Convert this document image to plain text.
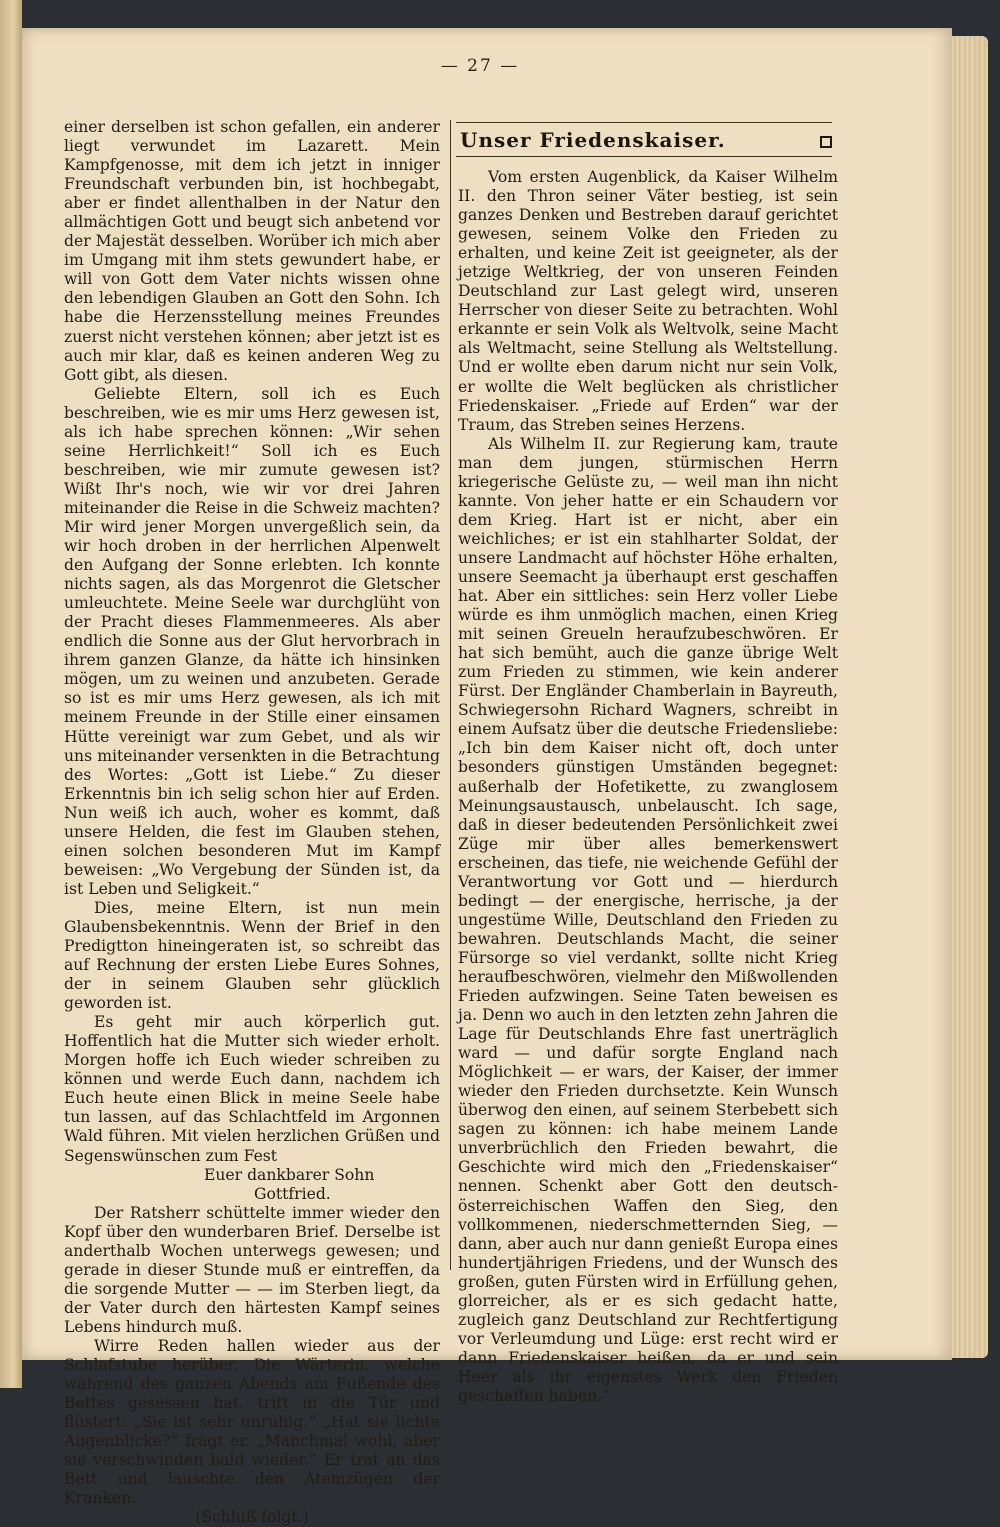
— 27 —

einer derselben ist schon gefallen, ein anderer liegt verwundet im Lazarett. Mein Kampfgenosse, mit dem ich jetzt in inniger Freundschaft verbunden bin, ist hochbegabt, aber er findet allenthalben in der Natur den allmächtigen Gott und beugt sich anbetend vor der Majestät desselben. Worüber ich mich aber im Umgang mit ihm stets gewundert habe, er will von Gott dem Vater nichts wissen ohne den lebendigen Glauben an Gott den Sohn. Ich habe die Herzensstellung meines Freundes zuerst nicht verstehen können; aber jetzt ist es auch mir klar, daß es keinen anderen Weg zu Gott gibt, als diesen.

Geliebte Eltern, soll ich es Euch beschreiben, wie es mir ums Herz gewesen ist, als ich habe sprechen können: „Wir sehen seine Herrlichkeit!“ Soll ich es Euch beschreiben, wie mir zumute gewesen ist? Wißt Ihr's noch, wie wir vor drei Jahren miteinander die Reise in die Schweiz machten? Mir wird jener Morgen unvergeßlich sein, da wir hoch droben in der herrlichen Alpenwelt den Aufgang der Sonne erlebten. Ich konnte nichts sagen, als das Morgenrot die Gletscher umleuchtete. Meine Seele war durchglüht von der Pracht dieses Flammenmeeres. Als aber endlich die Sonne aus der Glut hervorbrach in ihrem ganzen Glanze, da hätte ich hinsinken mögen, um zu weinen und anzubeten. Gerade so ist es mir ums Herz gewesen, als ich mit meinem Freunde in der Stille einer einsamen Hütte vereinigt war zum Gebet, und als wir uns miteinander versenkten in die Betrachtung des Wortes: „Gott ist Liebe.“ Zu dieser Erkenntnis bin ich selig schon hier auf Erden. Nun weiß ich auch, woher es kommt, daß unsere Helden, die fest im Glauben stehen, einen solchen besonderen Mut im Kampf beweisen: „Wo Vergebung der Sünden ist, da ist Leben und Seligkeit.“

Dies, meine Eltern, ist nun mein Glaubensbekenntnis. Wenn der Brief in den Predigtton hineingeraten ist, so schreibt das auf Rechnung der ersten Liebe Eures Sohnes, der in seinem Glauben sehr glücklich geworden ist.

Es geht mir auch körperlich gut. Hoffentlich hat die Mutter sich wieder erholt. Morgen hoffe ich Euch wieder schreiben zu können und werde Euch dann, nachdem ich Euch heute einen Blick in meine Seele habe tun lassen, auf das Schlachtfeld im Argonnen Wald führen. Mit vielen herzlichen Grüßen und Segenswünschen zum Fest

Euer dankbarer Sohn

Gottfried.

Der Ratsherr schüttelte immer wieder den Kopf über den wunderbaren Brief. Derselbe ist anderthalb Wochen unterwegs gewesen; und gerade in dieser Stunde muß er eintreffen, da die sorgende Mutter — — im Sterben liegt, da der Vater durch den härtesten Kampf seines Lebens hindurch muß.

Wirre Reden hallen wieder aus der Schlafstube herüber. Die Wärterin, welche während des ganzen Abends am Fußende des Bettes gesessen hat, tritt in die Tür und flüstert: „Sie ist sehr unruhig.“ „Hat sie lichte Augenblicke?“ fragt er. „Manchmal wohl, aber sie verschwinden bald wieder.“ Er trat an das Bett und lauschte den Atemzügen der Kranken.

(Schluß folgt.)

Unser Friedenskaiser.

Vom ersten Augenblick, da Kaiser Wilhelm II. den Thron seiner Väter bestieg, ist sein ganzes Denken und Bestreben darauf gerichtet gewesen, seinem Volke den Frieden zu erhalten, und keine Zeit ist geeigneter, als der jetzige Weltkrieg, der von unseren Feinden Deutschland zur Last gelegt wird, unseren Herrscher von dieser Seite zu betrachten. Wohl erkannte er sein Volk als Weltvolk, seine Macht als Weltmacht, seine Stellung als Weltstellung. Und er wollte eben darum nicht nur sein Volk, er wollte die Welt beglücken als christlicher Friedenskaiser. „Friede auf Erden“ war der Traum, das Streben seines Herzens.

Als Wilhelm II. zur Regierung kam, traute man dem jungen, stürmischen Herrn kriegerische Gelüste zu, — weil man ihn nicht kannte. Von jeher hatte er ein Schaudern vor dem Krieg. Hart ist er nicht, aber ein weichliches; er ist ein stahlharter Soldat, der unsere Landmacht auf höchster Höhe erhalten, unsere Seemacht ja überhaupt erst geschaffen hat. Aber ein sittliches: sein Herz voller Liebe würde es ihm unmöglich machen, einen Krieg mit seinen Greueln heraufzubeschwören. Er hat sich bemüht, auch die ganze übrige Welt zum Frieden zu stimmen, wie kein anderer Fürst. Der Engländer Chamberlain in Bayreuth, Schwiegersohn Richard Wagners, schreibt in einem Aufsatz über die deutsche Friedensliebe: „Ich bin dem Kaiser nicht oft, doch unter besonders günstigen Umständen begegnet: außerhalb der Hofetikette, zu zwanglosem Meinungsaustausch, unbelauscht. Ich sage, daß in dieser bedeutenden Persönlichkeit zwei Züge mir über alles bemerkenswert erscheinen, das tiefe, nie weichende Gefühl der Verantwortung vor Gott und — hierdurch bedingt — der energische, herrische, ja der ungestüme Wille, Deutschland den Frieden zu bewahren. Deutschlands Macht, die seiner Fürsorge so viel verdankt, sollte nicht Krieg heraufbeschwören, vielmehr den Mißwollenden Frieden aufzwingen. Seine Taten beweisen es ja. Denn wo auch in den letzten zehn Jahren die Lage für Deutschlands Ehre fast unerträglich ward — und dafür sorgte England nach Möglichkeit — er wars, der Kaiser, der immer wieder den Frieden durchsetzte. Kein Wunsch überwog den einen, auf seinem Sterbebett sich sagen zu können: ich habe meinem Lande unverbrüchlich den Frieden bewahrt, die Geschichte wird mich den „Friedenskaiser“ nennen. Schenkt aber Gott den deutsch-österreichischen Waffen den Sieg, den vollkommenen, niederschmetternden Sieg, — dann, aber auch nur dann genießt Europa eines hundertjährigen Friedens, und der Wunsch des großen, guten Fürsten wird in Erfüllung gehen, glorreicher, als er es sich gedacht hatte, zugleich ganz Deutschland zur Rechtfertigung vor Verleumdung und Lüge: erst recht wird er dann Friedenskaiser heißen, da er und sein Heer als ihr eigenstes Werk den Frieden geschaffen haben.“
